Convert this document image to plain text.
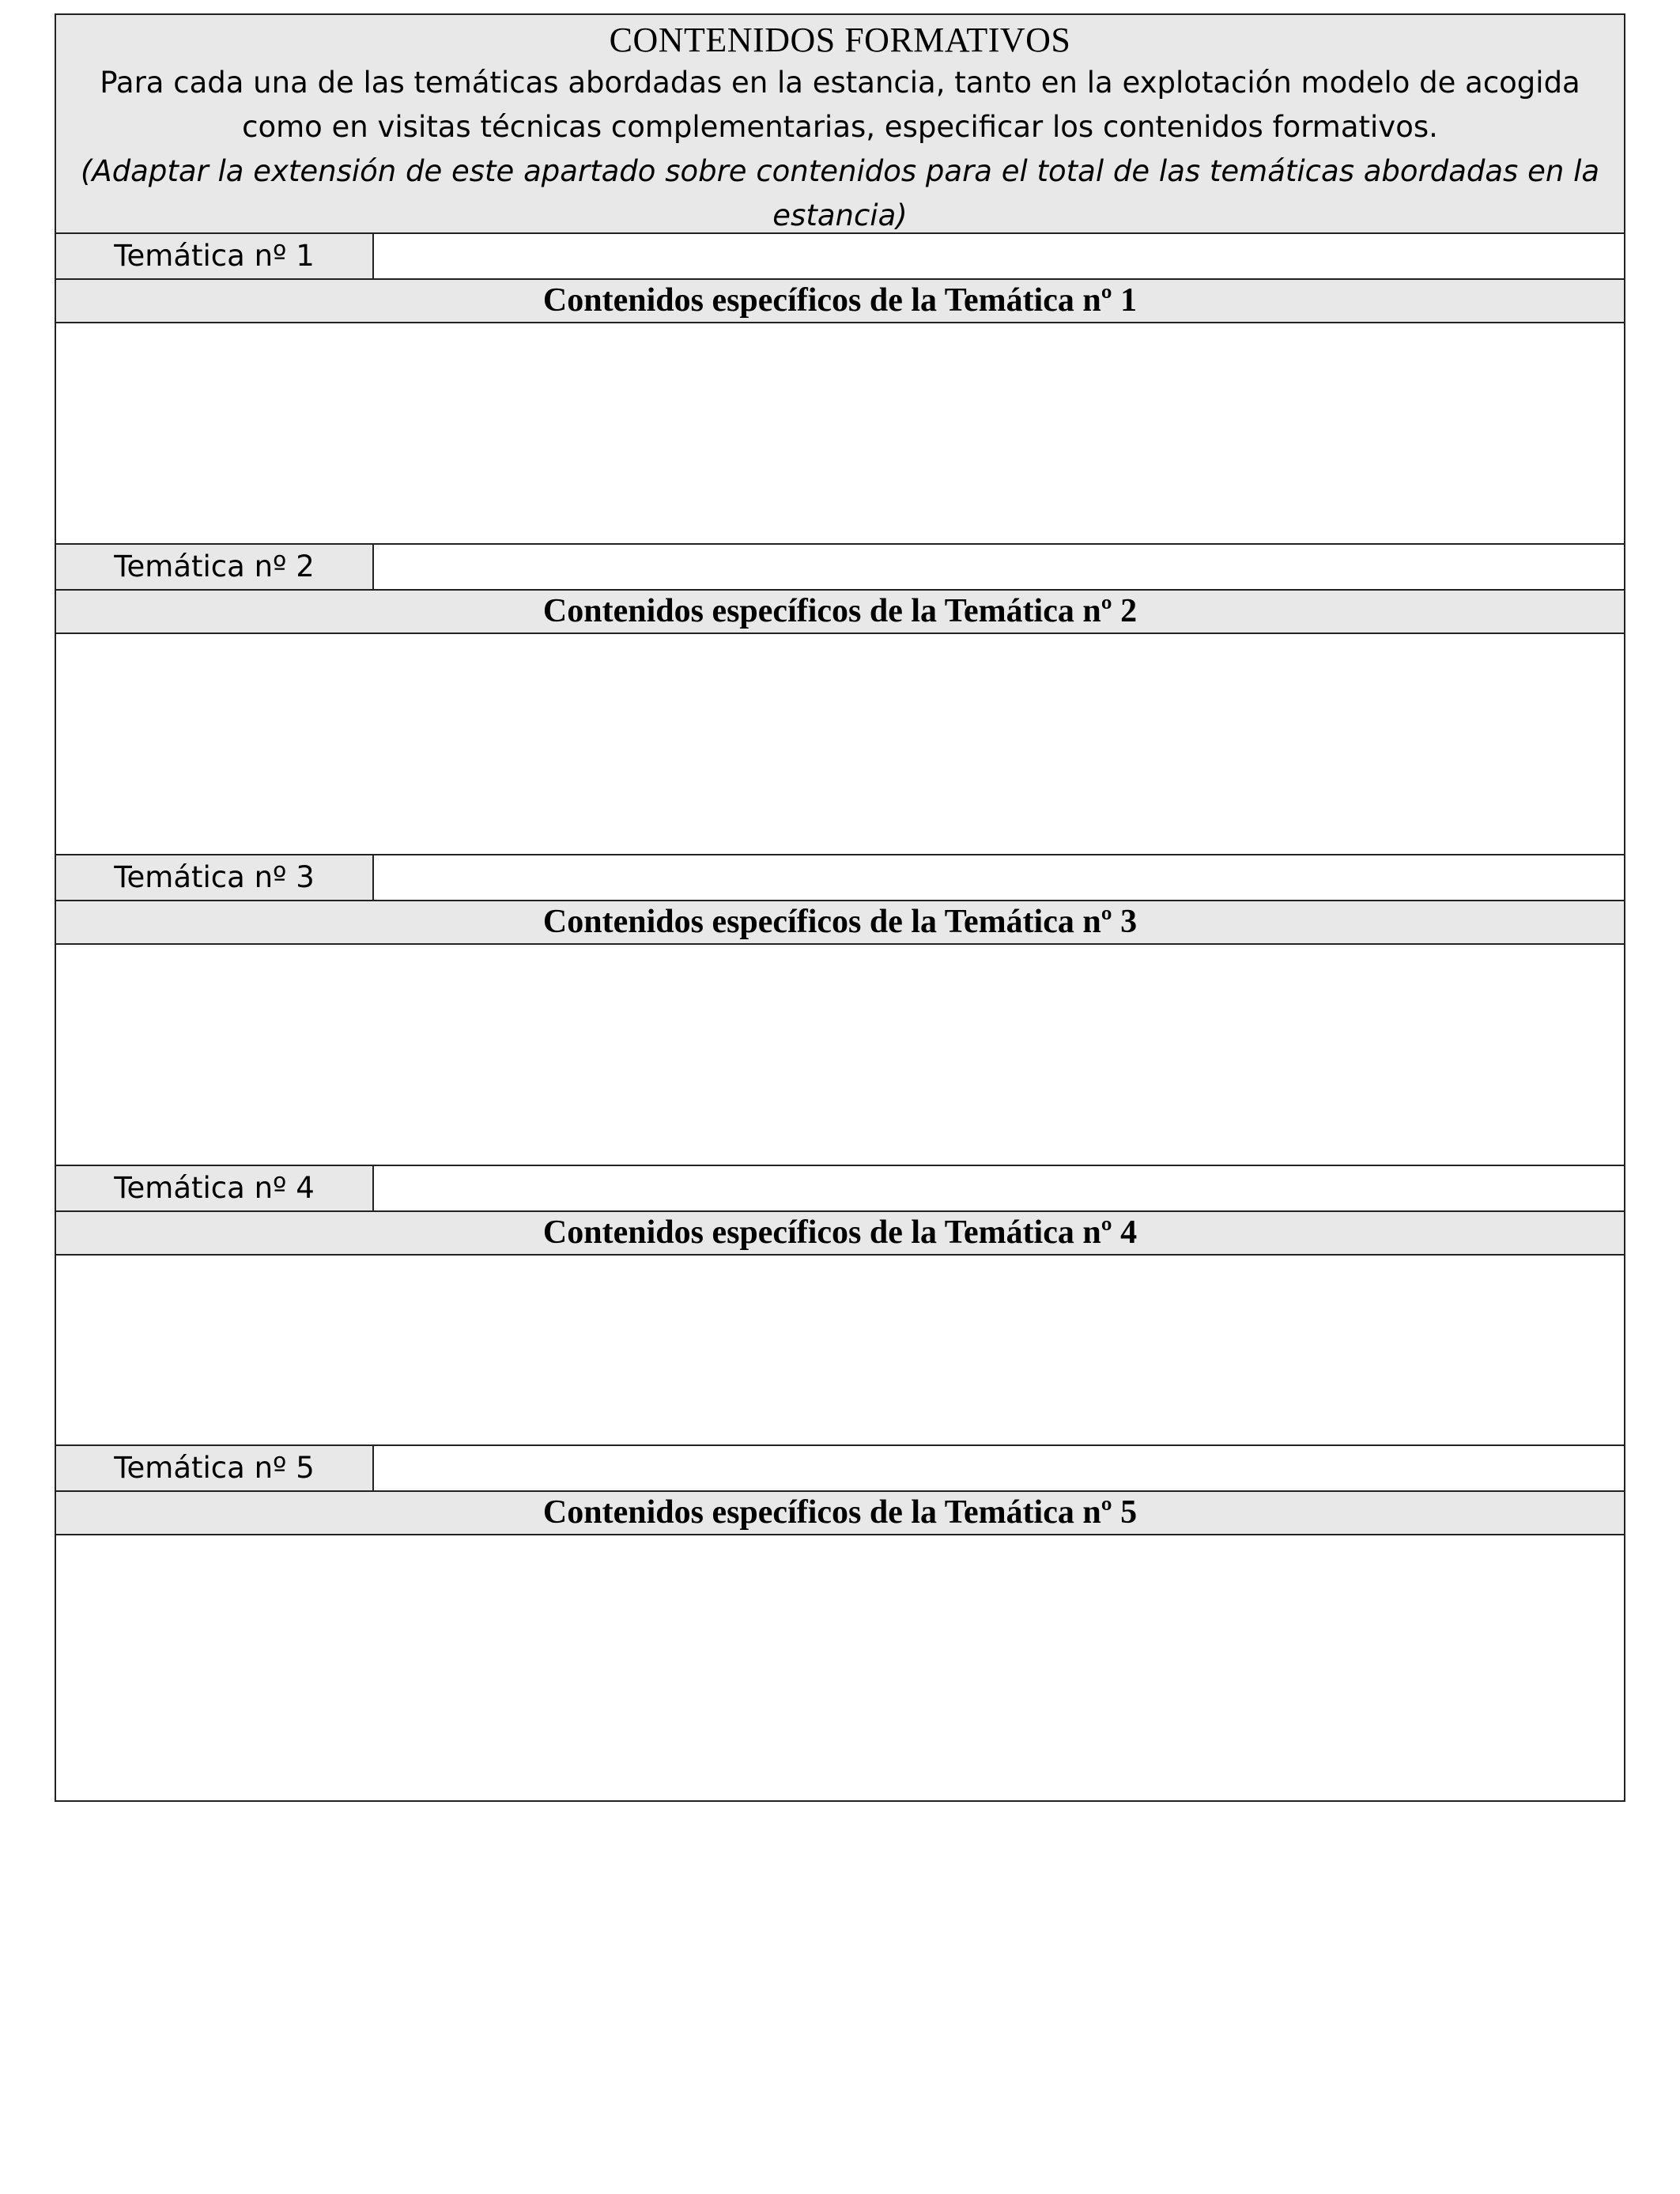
CONTENIDOS FORMATIVOS
Para cada una de las temáticas abordadas en la estancia, tanto en la explotación modelo de acogida como en visitas técnicas complementarias, especificar los contenidos formativos.
(Adaptar la extensión de este apartado sobre contenidos para el total de las temáticas abordadas en la estancia)
Temática nº 1
Contenidos específicos de la Temática nº 1
Temática nº 2
Contenidos específicos de la Temática nº 2
Temática nº 3
Contenidos específicos de la Temática nº 3
Temática nº 4
Contenidos específicos de la Temática nº 4
Temática nº 5
Contenidos específicos de la Temática nº 5
